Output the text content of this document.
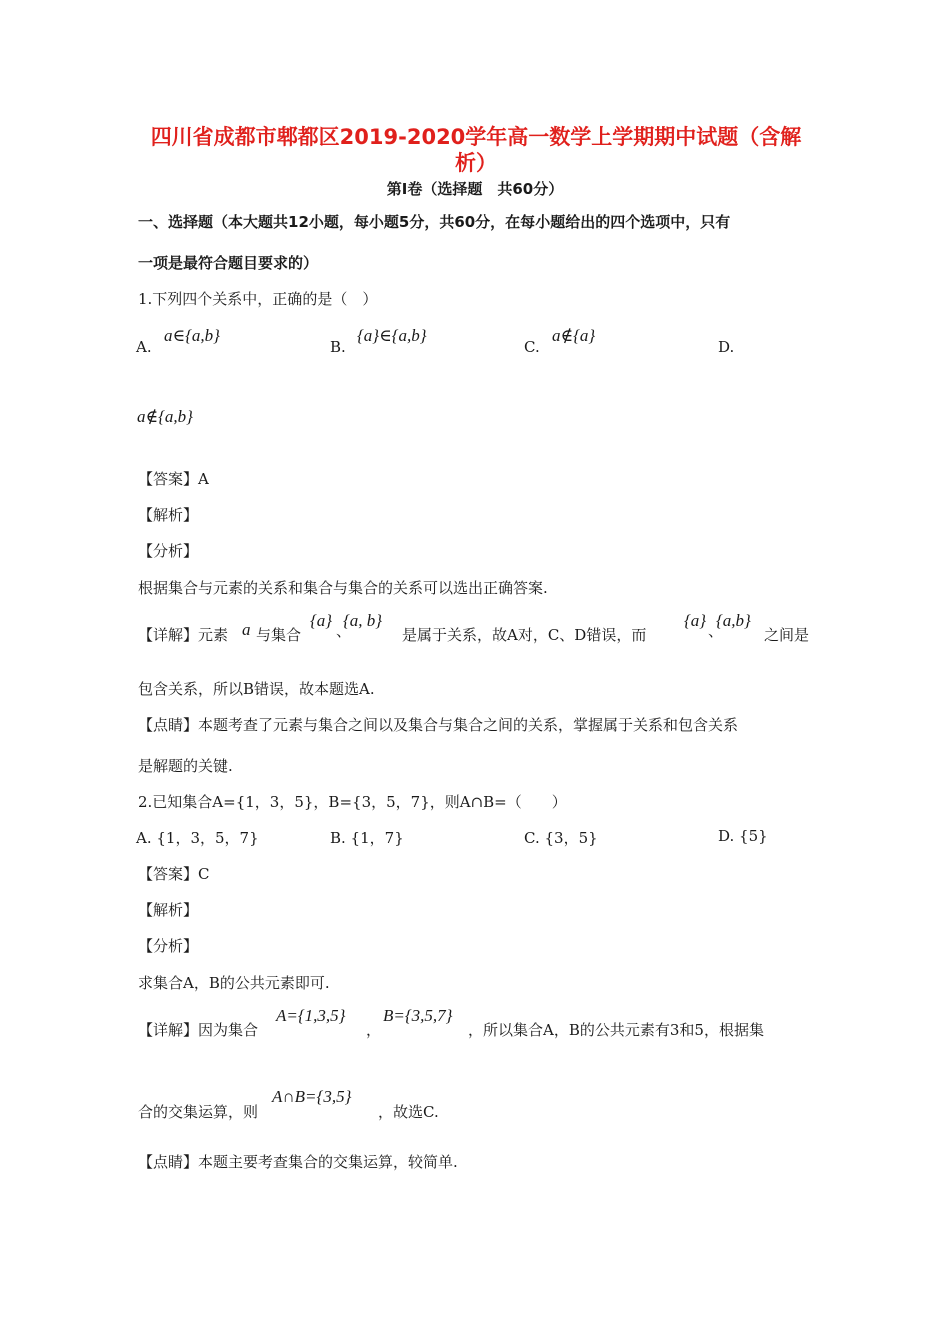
四川省成都市郫都区2019-2020学年高一数学上学期期中试题（含解
析）
第I卷（选择题　共60分）
一、选择题（本大题共12小题，每小题5分，共60分，在每小题给出的四个选项中，只有
一项是最符合题目要求的）
1.下列四个关系中，正确的是（　）
A.
a∈{a,b}
B.
{a}∈{a,b}
C.
a∉{a}
D.
a∉{a,b}
【答案】A
【解析】
【分析】
根据集合与元素的关系和集合与集合的关系可以选出正确答案.
【详解】元素 a 与集合
{a}
、
{a, b}
是属于关系，故A对，C、D错误，而
{a}
、
{a,b}
之间是
包含关系，所以B错误，故本题选A.
【点睛】本题考查了元素与集合之间以及集合与集合之间的关系，掌握属于关系和包含关系
是解题的关键.
2.已知集合A={1，3，5}，B={3，5，7}，则A∩B=（　　）
A. {1，3，5，7}	B. {1，7}	C. {3，5}	D. {5}
【答案】C
【解析】
【分析】
求集合A，B的公共元素即可.
【详解】因为集合
A={1,3,5}
，
B={3,5,7}
，所以集合A，B的公共元素有3和5，根据集
合的交集运算，则
A∩B={3,5}
，故选C.
【点睛】本题主要考查集合的交集运算，较简单.
